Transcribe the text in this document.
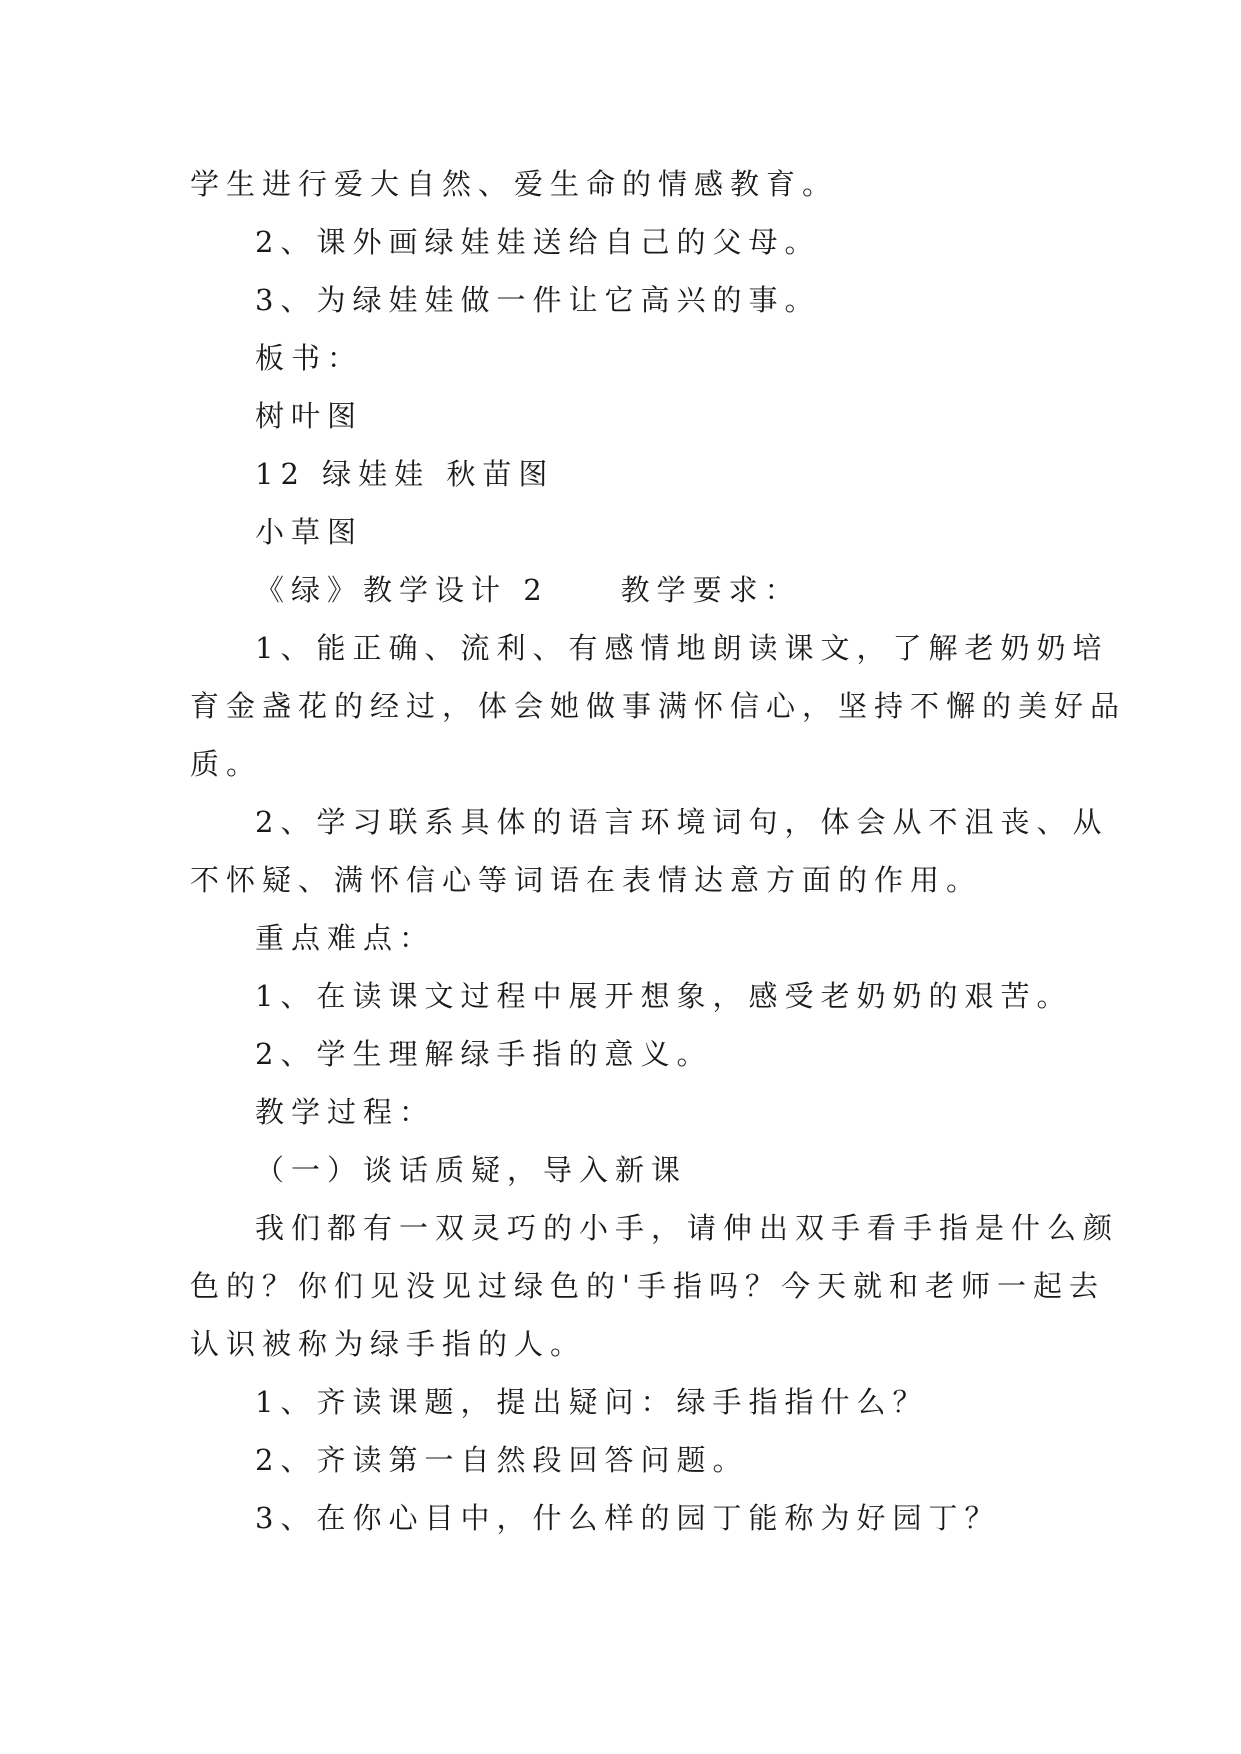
学生进行爱大自然、爱生命的情感教育。
2、课外画绿娃娃送给自己的父母。
3、为绿娃娃做一件让它高兴的事。
板书：
树叶图
12 绿娃娃 秋苗图
小草图
《绿》教学设计 2　　教学要求：
1、能正确、流利、有感情地朗读课文，了解老奶奶培
育金盏花的经过，体会她做事满怀信心，坚持不懈的美好品
质。
2、学习联系具体的语言环境词句，体会从不沮丧、从
不怀疑、满怀信心等词语在表情达意方面的作用。
重点难点：
1、在读课文过程中展开想象，感受老奶奶的艰苦。
2、学生理解绿手指的意义。
教学过程：
（一）谈话质疑，导入新课
我们都有一双灵巧的小手，请伸出双手看手指是什么颜
色的？你们见没见过绿色的'手指吗？今天就和老师一起去
认识被称为绿手指的人。
1、齐读课题，提出疑问：绿手指指什么？
2、齐读第一自然段回答问题。
3、在你心目中，什么样的园丁能称为好园丁？
